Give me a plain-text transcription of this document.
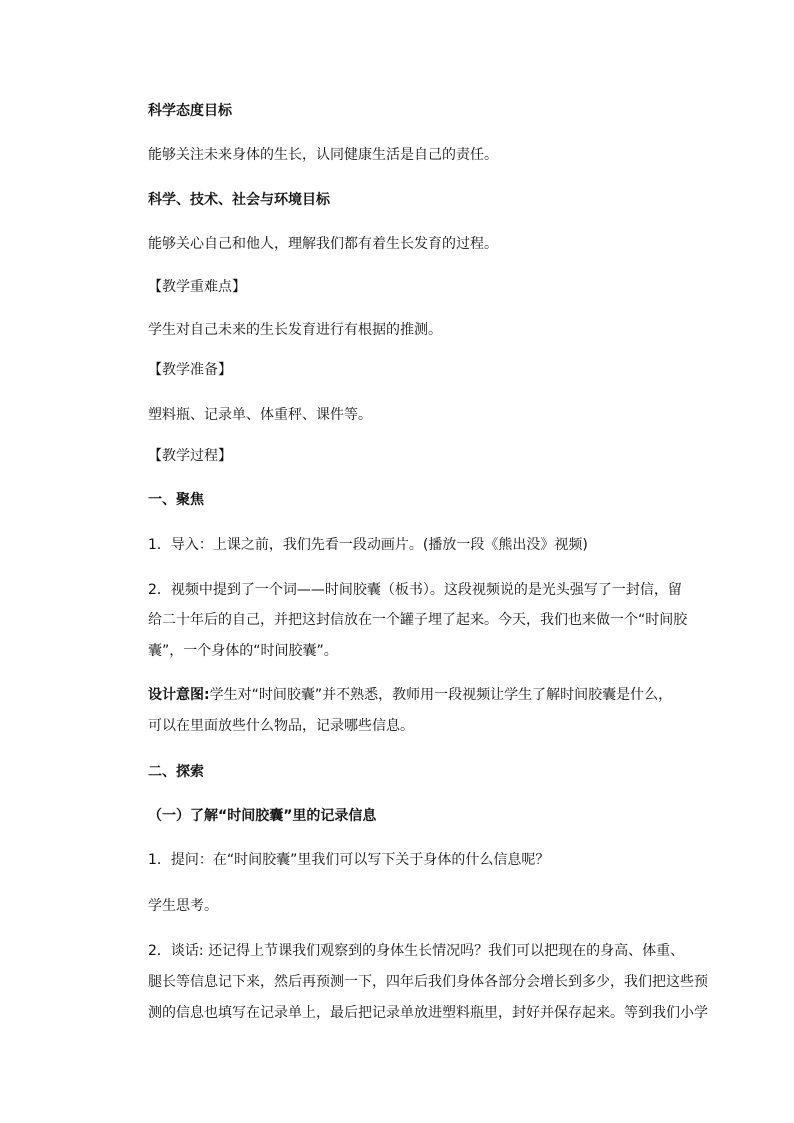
科学态度目标
能够关注未来身体的生长，认同健康生活是自己的责任。
科学、技术、社会与环境目标
能够关心自己和他人，理解我们都有着生长发育的过程。
【教学重难点】
学生对自己未来的生长发育进行有根据的推测。
【教学准备】
塑料瓶、记录单、体重秤、课件等。
【教学过程】
一、聚焦
1．导入：上课之前，我们先看一段动画片。(播放一段《熊出没》视频)
2．视频中提到了一个词——时间胶囊（板书）。这段视频说的是光头强写了一封信，留
给二十年后的自己，并把这封信放在一个罐子埋了起来。今天，我们也来做一个“时间胶
囊”，一个身体的“时间胶囊”。
设计意图:学生对“时间胶囊”并不熟悉，教师用一段视频让学生了解时间胶囊是什么，
可以在里面放些什么物品，记录哪些信息。
二、探索
（一）了解“时间胶囊”里的记录信息
1．提问：在“时间胶囊”里我们可以写下关于身体的什么信息呢？
学生思考。
2．谈话: 还记得上节课我们观察到的身体生长情况吗？我们可以把现在的身高、体重、
腿长等信息记下来，然后再预测一下，四年后我们身体各部分会增长到多少，我们把这些预
测的信息也填写在记录单上，最后把记录单放进塑料瓶里，封好并保存起来。等到我们小学
